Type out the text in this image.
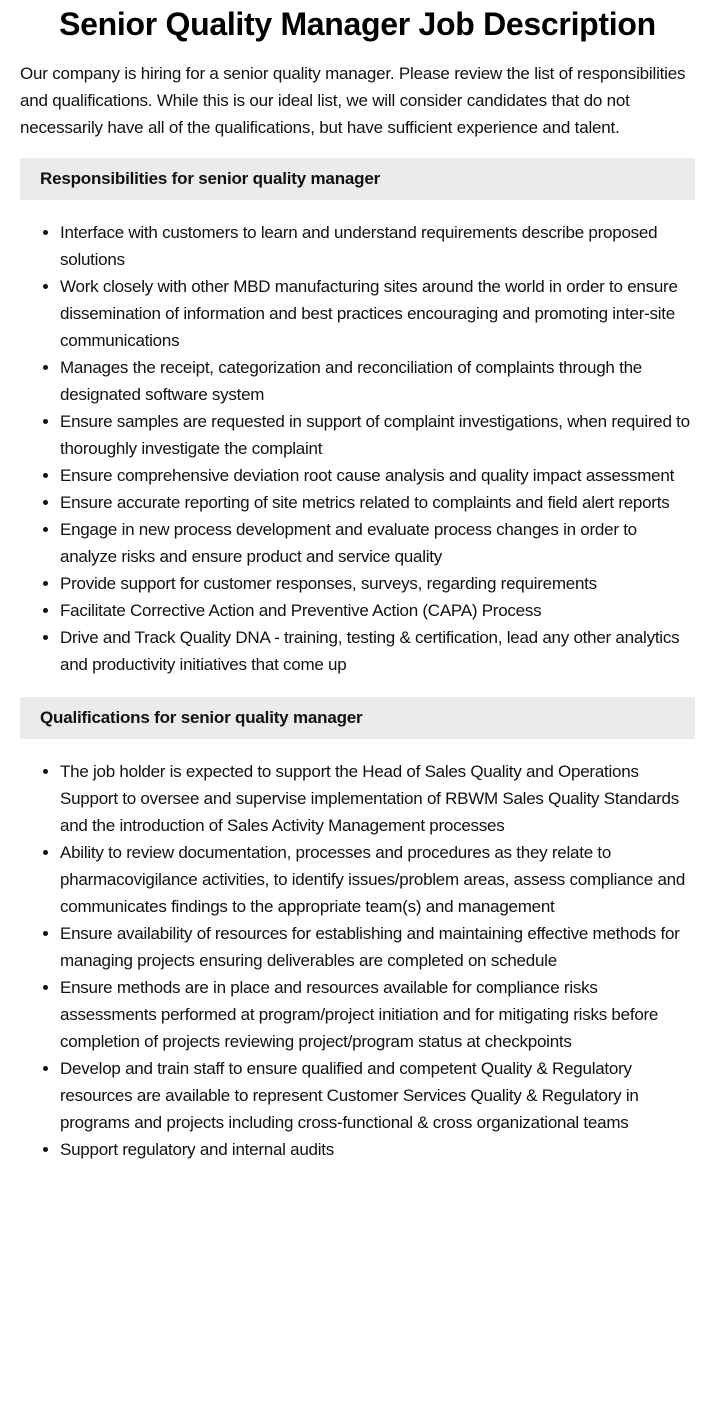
Senior Quality Manager Job Description

Our company is hiring for a senior quality manager. Please review the list of responsibilities and qualifications. While this is our ideal list, we will consider candidates that do not necessarily have all of the qualifications, but have sufficient experience and talent.

Responsibilities for senior quality manager
• Interface with customers to learn and understand requirements describe proposed solutions
• Work closely with other MBD manufacturing sites around the world in order to ensure dissemination of information and best practices encouraging and promoting inter-site communications
• Manages the receipt, categorization and reconciliation of complaints through the designated software system
• Ensure samples are requested in support of complaint investigations, when required to thoroughly investigate the complaint
• Ensure comprehensive deviation root cause analysis and quality impact assessment
• Ensure accurate reporting of site metrics related to complaints and field alert reports
• Engage in new process development and evaluate process changes in order to analyze risks and ensure product and service quality
• Provide support for customer responses, surveys, regarding requirements
• Facilitate Corrective Action and Preventive Action (CAPA) Process
• Drive and Track Quality DNA - training, testing & certification, lead any other analytics and productivity initiatives that come up
Qualifications for senior quality manager
• The job holder is expected to support the Head of Sales Quality and Operations Support to oversee and supervise implementation of RBWM Sales Quality Standards and the introduction of Sales Activity Management processes
• Ability to review documentation, processes and procedures as they relate to pharmacovigilance activities, to identify issues/problem areas, assess compliance and communicates findings to the appropriate team(s) and management
• Ensure availability of resources for establishing and maintaining effective methods for managing projects ensuring deliverables are completed on schedule
• Ensure methods are in place and resources available for compliance risks assessments performed at program/project initiation and for mitigating risks before completion of projects reviewing project/program status at checkpoints
• Develop and train staff to ensure qualified and competent Quality & Regulatory resources are available to represent Customer Services Quality & Regulatory in programs and projects including cross-functional & cross organizational teams
• Support regulatory and internal audits
